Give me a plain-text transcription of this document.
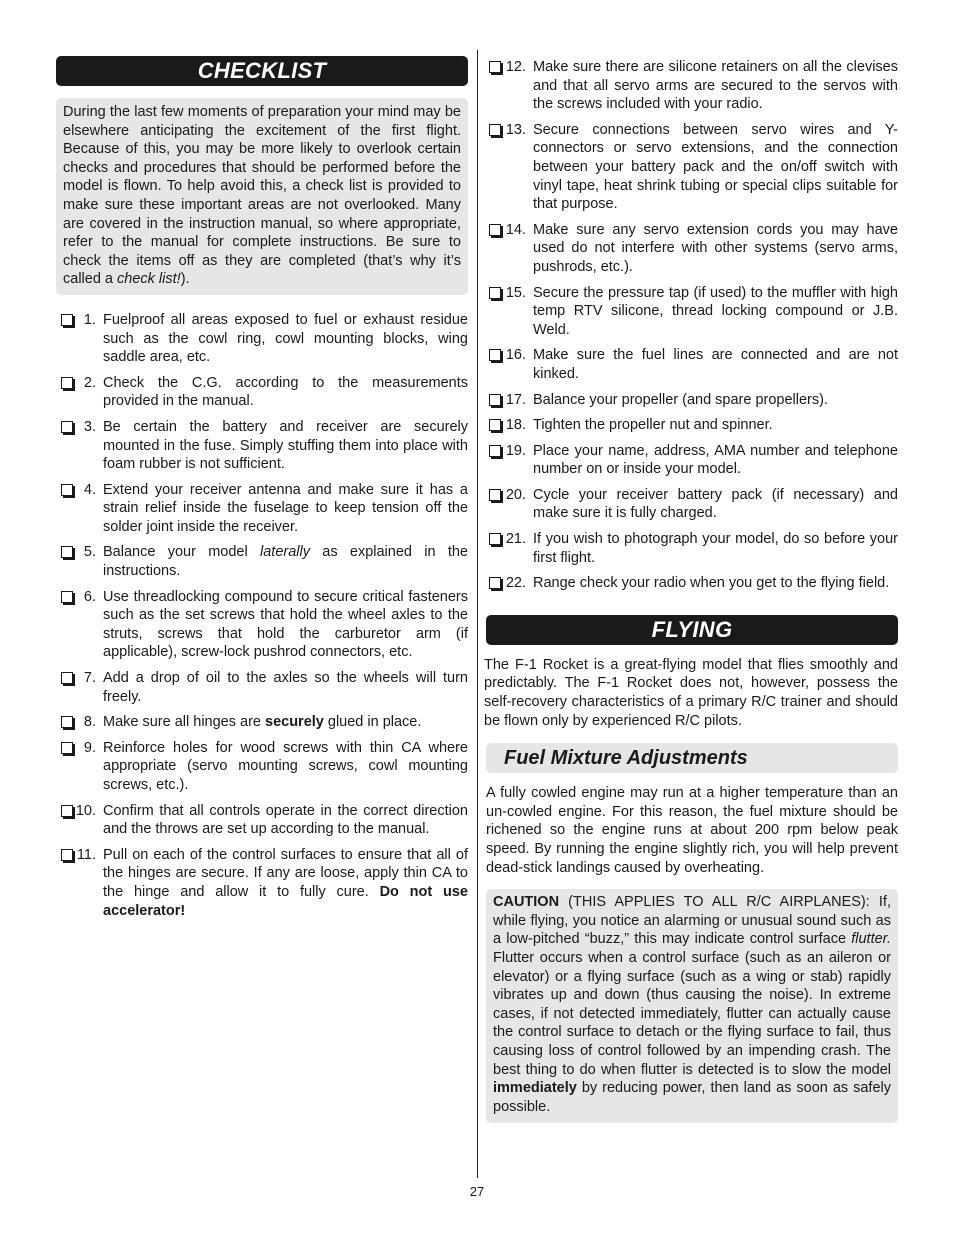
CHECKLIST
During the last few moments of preparation your mind may be elsewhere anticipating the excitement of the first flight. Because of this, you may be more likely to overlook certain checks and procedures that should be performed before the model is flown. To help avoid this, a check list is provided to make sure these important areas are not overlooked. Many are covered in the instruction manual, so where appropriate, refer to the manual for complete instructions. Be sure to check the items off as they are completed (that’s why it’s called a check list!).
1. Fuelproof all areas exposed to fuel or exhaust residue such as the cowl ring, cowl mounting blocks, wing saddle area, etc.
2. Check the C.G. according to the measurements provided in the manual.
3. Be certain the battery and receiver are securely mounted in the fuse. Simply stuffing them into place with foam rubber is not sufficient.
4. Extend your receiver antenna and make sure it has a strain relief inside the fuselage to keep tension off the solder joint inside the receiver.
5. Balance your model laterally as explained in the instructions.
6. Use threadlocking compound to secure critical fasteners such as the set screws that hold the wheel axles to the struts, screws that hold the carburetor arm (if applicable), screw-lock pushrod connectors, etc.
7. Add a drop of oil to the axles so the wheels will turn freely.
8. Make sure all hinges are securely glued in place.
9. Reinforce holes for wood screws with thin CA where appropriate (servo mounting screws, cowl mounting screws, etc.).
10. Confirm that all controls operate in the correct direction and the throws are set up according to the manual.
11. Pull on each of the control surfaces to ensure that all of the hinges are secure. If any are loose, apply thin CA to the hinge and allow it to fully cure. Do not use accelerator!
12. Make sure there are silicone retainers on all the clevises and that all servo arms are secured to the servos with the screws included with your radio.
13. Secure connections between servo wires and Y-connectors or servo extensions, and the connection between your battery pack and the on/off switch with vinyl tape, heat shrink tubing or special clips suitable for that purpose.
14. Make sure any servo extension cords you may have used do not interfere with other systems (servo arms, pushrods, etc.).
15. Secure the pressure tap (if used) to the muffler with high temp RTV silicone, thread locking compound or J.B. Weld.
16. Make sure the fuel lines are connected and are not kinked.
17. Balance your propeller (and spare propellers).
18. Tighten the propeller nut and spinner.
19. Place your name, address, AMA number and telephone number on or inside your model.
20. Cycle your receiver battery pack (if necessary) and make sure it is fully charged.
21. If you wish to photograph your model, do so before your first flight.
22. Range check your radio when you get to the flying field.
FLYING

The F-1 Rocket is a great-flying model that flies smoothly and predictably. The F-1 Rocket does not, however, possess the self-recovery characteristics of a primary R/C trainer and should be flown only by experienced R/C pilots.

Fuel Mixture Adjustments

A fully cowled engine may run at a higher temperature than an un-cowled engine. For this reason, the fuel mixture should be richened so the engine runs at about 200 rpm below peak speed. By running the engine slightly rich, you will help prevent dead-stick landings caused by overheating.

CAUTION (THIS APPLIES TO ALL R/C AIRPLANES): If, while flying, you notice an alarming or unusual sound such as a low-pitched “buzz,” this may indicate control surface flutter. Flutter occurs when a control surface (such as an aileron or elevator) or a flying surface (such as a wing or stab) rapidly vibrates up and down (thus causing the noise). In extreme cases, if not detected immediately, flutter can actually cause the control surface to detach or the flying surface to fail, thus causing loss of control followed by an impending crash. The best thing to do when flutter is detected is to slow the model immediately by reducing power, then land as soon as safely possible.
27
